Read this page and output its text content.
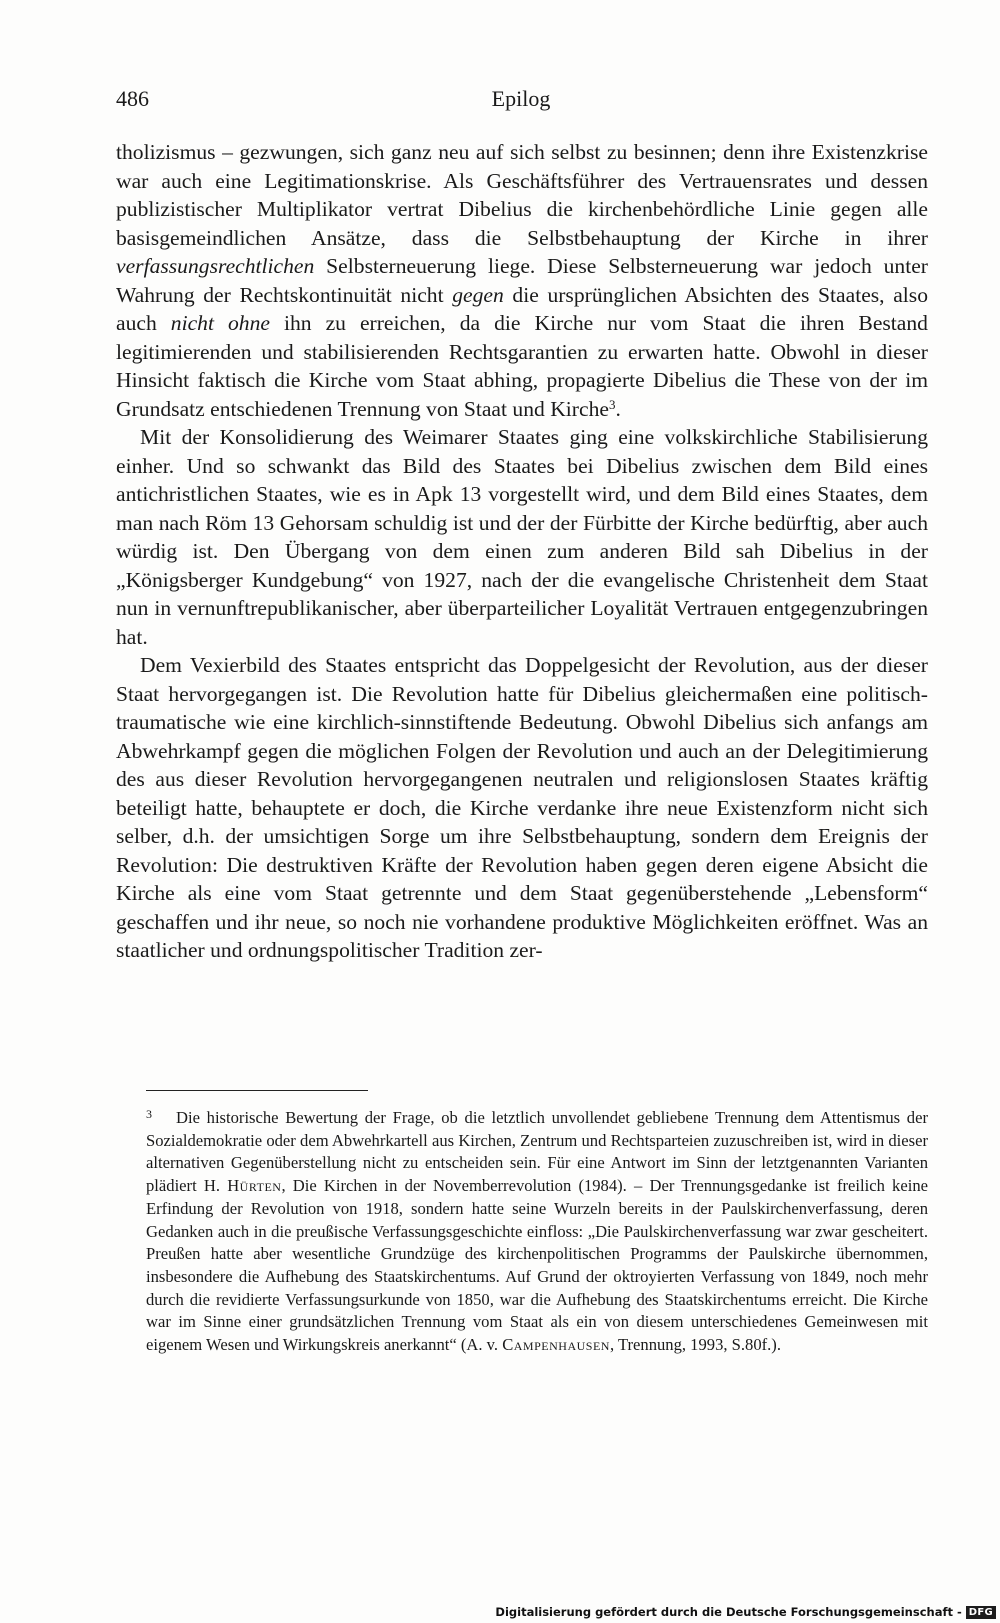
486	Epilog

tholizismus – gezwungen, sich ganz neu auf sich selbst zu besinnen; denn ihre Existenzkrise war auch eine Legitimationskrise. Als Geschäftsführer des Vertrauensrates und dessen publizistischer Multiplikator vertrat Dibelius die kirchenbehördliche Linie gegen alle basisgemeindlichen Ansätze, dass die Selbstbehauptung der Kirche in ihrer verfassungsrechtlichen Selbsterneuerung liege. Diese Selbsterneuerung war jedoch unter Wahrung der Rechtskontinuität nicht gegen die ursprünglichen Absichten des Staates, also auch nicht ohne ihn zu erreichen, da die Kirche nur vom Staat die ihren Bestand legitimierenden und stabilisierenden Rechtsgarantien zu erwarten hatte. Obwohl in dieser Hinsicht faktisch die Kirche vom Staat abhing, propagierte Dibelius die These von der im Grundsatz entschiedenen Trennung von Staat und Kirche$^3$.

Mit der Konsolidierung des Weimarer Staates ging eine volkskirchliche Stabilisierung einher. Und so schwankt das Bild des Staates bei Dibelius zwischen dem Bild eines antichristlichen Staates, wie es in Apk 13 vorgestellt wird, und dem Bild eines Staates, dem man nach Röm 13 Gehorsam schuldig ist und der der Fürbitte der Kirche bedürftig, aber auch würdig ist. Den Übergang von dem einen zum anderen Bild sah Dibelius in der „Königsberger Kundgebung“ von 1927, nach der die evangelische Christenheit dem Staat nun in vernunftrepublikanischer, aber überparteilicher Loyalität Vertrauen entgegenzubringen hat.

Dem Vexierbild des Staates entspricht das Doppelgesicht der Revolution, aus der dieser Staat hervorgegangen ist. Die Revolution hatte für Dibelius gleichermaßen eine politisch-traumatische wie eine kirchlich-sinnstiftende Bedeutung. Obwohl Dibelius sich anfangs am Abwehrkampf gegen die möglichen Folgen der Revolution und auch an der Delegitimierung des aus dieser Revolution hervorgegangenen neutralen und religionslosen Staates kräftig beteiligt hatte, behauptete er doch, die Kirche verdanke ihre neue Existenzform nicht sich selber, d.h. der umsichtigen Sorge um ihre Selbstbehauptung, sondern dem Ereignis der Revolution: Die destruktiven Kräfte der Revolution haben gegen deren eigene Absicht die Kirche als eine vom Staat getrennte und dem Staat gegenüberstehende „Lebensform“ geschaffen und ihr neue, so noch nie vorhandene produktive Möglichkeiten eröffnet. Was an staatlicher und ordnungspolitischer Tradition zer-

3 Die historische Bewertung der Frage, ob die letztlich unvollendet gebliebene Trennung dem Attentismus der Sozialdemokratie oder dem Abwehrkartell aus Kirchen, Zentrum und Rechtsparteien zuzuschreiben ist, wird in dieser alternativen Gegenüberstellung nicht zu entscheiden sein. Für eine Antwort im Sinn der letztgenannten Varianten plädiert H. Hürten, Die Kirchen in der Novemberrevolution (1984). – Der Trennungsgedanke ist freilich keine Erfindung der Revolution von 1918, sondern hatte seine Wurzeln bereits in der Paulskirchenverfassung, deren Gedanken auch in die preußische Verfassungsgeschichte einfloss: „Die Paulskirchenverfassung war zwar gescheitert. Preußen hatte aber wesentliche Grundzüge des kirchenpolitischen Programms der Paulskirche übernommen, insbesondere die Aufhebung des Staatskirchentums. Auf Grund der oktroyierten Verfassung von 1849, noch mehr durch die revidierte Verfassungsurkunde von 1850, war die Aufhebung des Staatskirchentums erreicht. Die Kirche war im Sinne einer grundsätzlichen Trennung vom Staat als ein von diesem unterschiedenes Gemeinwesen mit eigenem Wesen und Wirkungskreis anerkannt“ (A. v. Campenhausen, Trennung, 1993, S.80f.).

Digitalisierung gefördert durch die Deutsche Forschungsgemeinschaft - DFG
